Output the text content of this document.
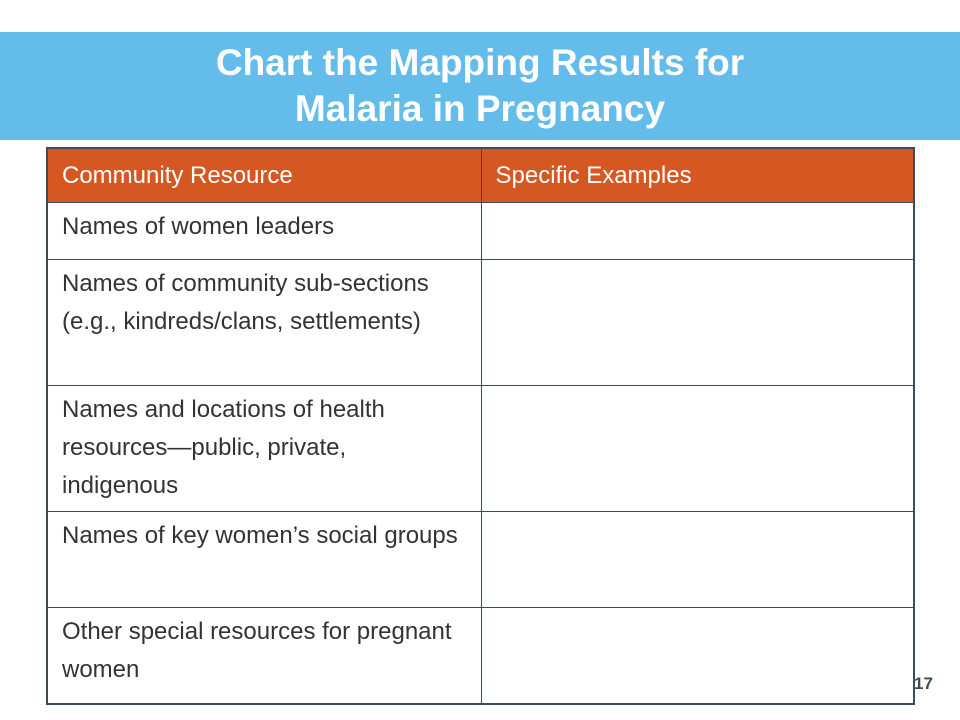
Chart the Mapping Results for
Malaria in Pregnancy
Community Resource	Specific Examples
Names of women leaders	
Names of community sub-sections (e.g., kindreds/clans, settlements)	
Names and locations of health resources—public, private, indigenous	
Names of key women’s social groups	
Other special resources for pregnant women	
17
